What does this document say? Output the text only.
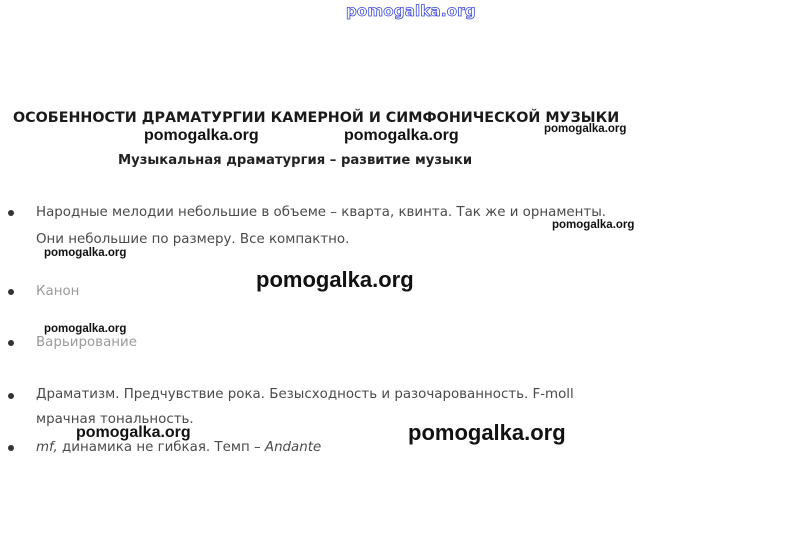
pomogalka.org
ОСОБЕННОСТИ ДРАМАТУРГИИ КАМЕРНОЙ И СИМФОНИЧЕСКОЙ МУЗЫКИ
pomogalka.org	pomogalka.org	pomogalka.org
Музыкальная драматургия – развитие музыки
Народные мелодии небольшие в объеме – кварта, квинта. Так же и орнаменты.
Они небольшие по размеру. Все компактно.
pomogalka.org
pomogalka.org
pomogalka.org
Канон
pomogalka.org
Варьирование
Драматизм. Предчувствие рока. Безысходность и разочарованность. F-moll
мрачная тональность.
mf, динамика не гибкая. Темп – Andante
pomogalka.org	pomogalka.org
